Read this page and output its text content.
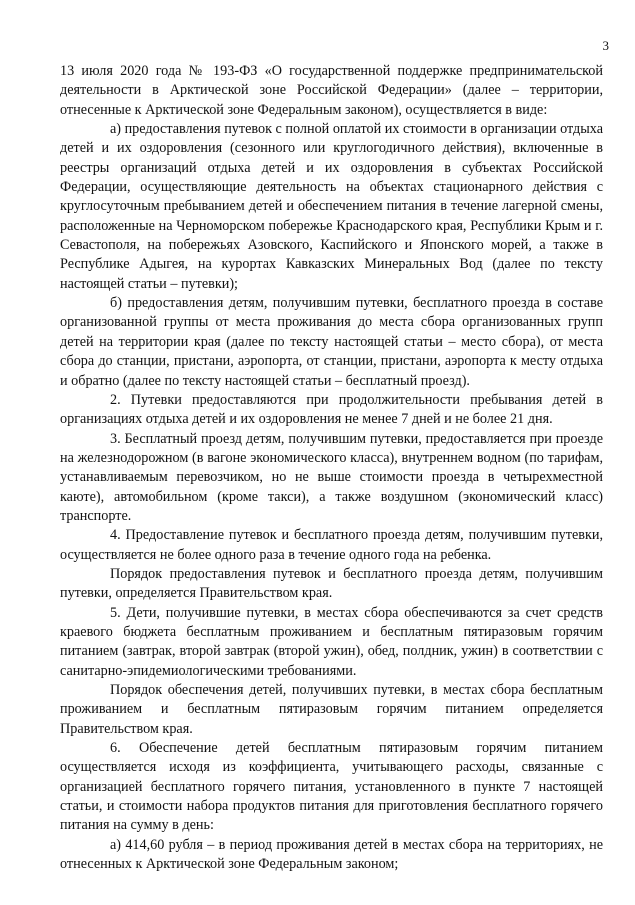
3

13 июля 2020 года № 193-ФЗ «О государственной поддержке предпринимательской деятельности в Арктической зоне Российской Федерации» (далее – территории, отнесенные к Арктической зоне Федеральным законом), осуществляется в виде:

а) предоставления путевок с полной оплатой их стоимости в организации отдыха детей и их оздоровления (сезонного или круглогодичного действия), включенные в реестры организаций отдыха детей и их оздоровления в субъектах Российской Федерации, осуществляющие деятельность на объектах стационарного действия с круглосуточным пребыванием детей и обеспечением питания в течение лагерной смены, расположенные на Черноморском побережье Краснодарского края, Республики Крым и г. Севастополя, на побережьях Азовского, Каспийского и Японского морей, а также в Республике Адыгея, на курортах Кавказских Минеральных Вод (далее по тексту настоящей статьи – путевки);

б) предоставления детям, получившим путевки, бесплатного проезда в составе организованной группы от места проживания до места сбора организованных групп детей на территории края (далее по тексту настоящей статьи – место сбора), от места сбора до станции, пристани, аэропорта, от станции, пристани, аэропорта к месту отдыха и обратно (далее по тексту настоящей статьи – бесплатный проезд).

2. Путевки предоставляются при продолжительности пребывания детей в организациях отдыха детей и их оздоровления не менее 7 дней и не более 21 дня.

3. Бесплатный проезд детям, получившим путевки, предоставляется при проезде на железнодорожном (в вагоне экономического класса), внутреннем водном (по тарифам, устанавливаемым перевозчиком, но не выше стоимости проезда в четырехместной каюте), автомобильном (кроме такси), а также воздушном (экономический класс) транспорте.

4. Предоставление путевок и бесплатного проезда детям, получившим путевки, осуществляется не более одного раза в течение одного года на ребенка.

Порядок предоставления путевок и бесплатного проезда детям, получившим путевки, определяется Правительством края.

5. Дети, получившие путевки, в местах сбора обеспечиваются за счет средств краевого бюджета бесплатным проживанием и бесплатным пятиразовым горячим питанием (завтрак, второй завтрак (второй ужин), обед, полдник, ужин) в соответствии с санитарно-эпидемиологическими требованиями.

Порядок обеспечения детей, получивших путевки, в местах сбора бесплатным проживанием и бесплатным пятиразовым горячим питанием определяется Правительством края.

6. Обеспечение детей бесплатным пятиразовым горячим питанием осуществляется исходя из коэффициента, учитывающего расходы, связанные с организацией бесплатного горячего питания, установленного в пункте 7 настоящей статьи, и стоимости набора продуктов питания для приготовления бесплатного горячего питания на сумму в день:

а) 414,60 рубля – в период проживания детей в местах сбора на территориях, не отнесенных к Арктической зоне Федеральным законом;
